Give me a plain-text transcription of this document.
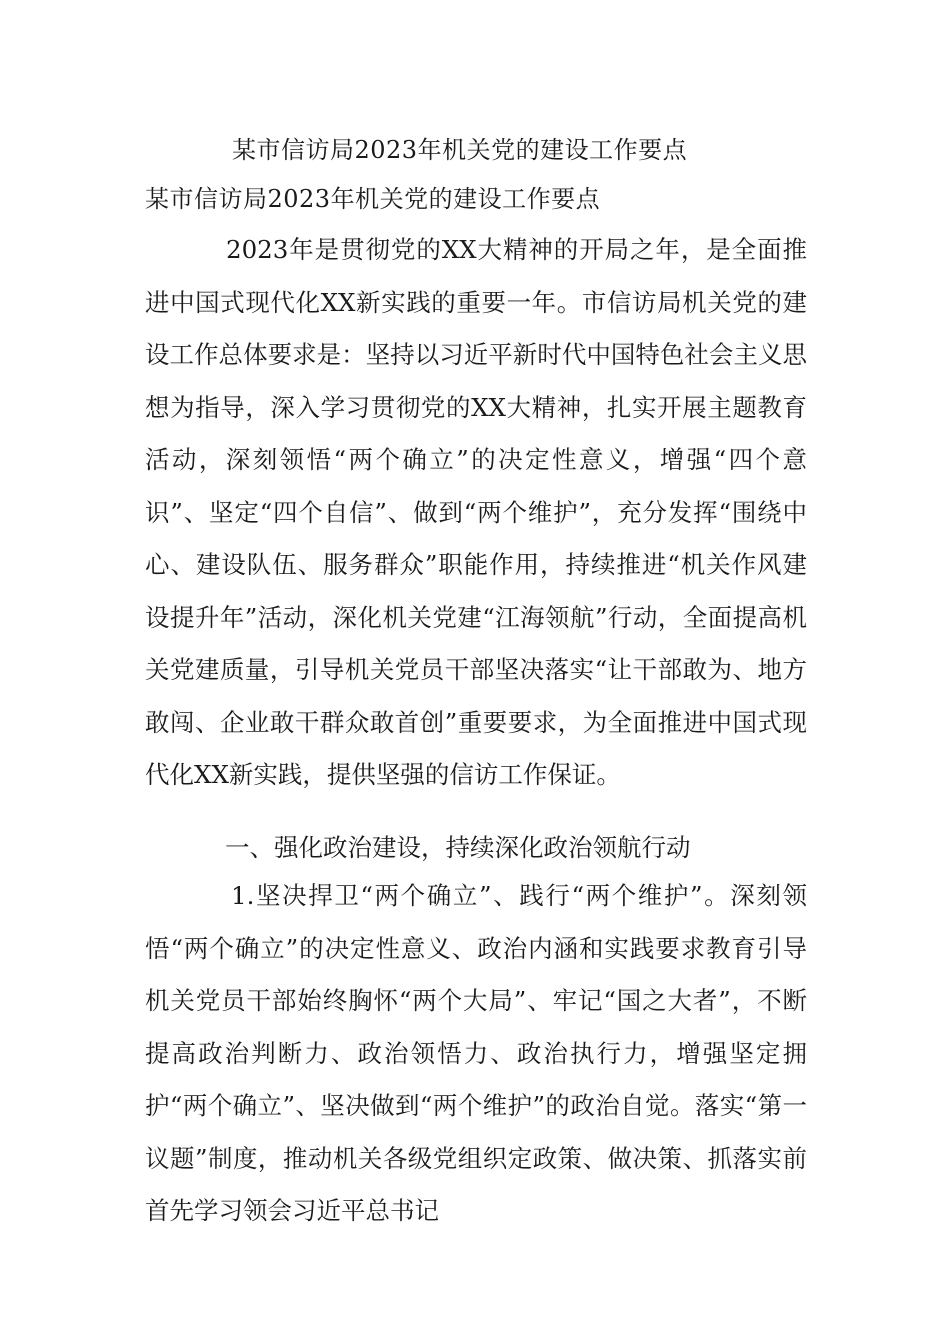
某市信访局2023年机关党的建设工作要点
某市信访局2023年机关党的建设工作要点

2023年是贯彻党的XX大精神的开局之年，是全面推进中国式现代化XX新实践的重要一年。市信访局机关党的建设工作总体要求是：坚持以习近平新时代中国特色社会主义思想为指导，深入学习贯彻党的XX大精神，扎实开展主题教育活动，深刻领悟“两个确立”的决定性意义，增强“四个意识”、坚定“四个自信”、做到“两个维护”，充分发挥“围绕中心、建设队伍、服务群众”职能作用，持续推进“机关作风建设提升年”活动，深化机关党建“江海领航”行动，全面提高机关党建质量，引导机关党员干部坚决落实“让干部敢为、地方敢闯、企业敢干群众敢首创”重要要求，为全面推进中国式现代化XX新实践，提供坚强的信访工作保证。

一、强化政治建设，持续深化政治领航行动

1.坚决捍卫“两个确立”、践行“两个维护”。深刻领悟“两个确立”的决定性意义、政治内涵和实践要求教育引导机关党员干部始终胸怀“两个大局”、牢记“国之大者”，不断提高政治判断力、政治领悟力、政治执行力，增强坚定拥护“两个确立”、坚决做到“两个维护”的政治自觉。落实“第一议题”制度，推动机关各级党组织定政策、做决策、抓落实前首先学习领会习近平总书记
